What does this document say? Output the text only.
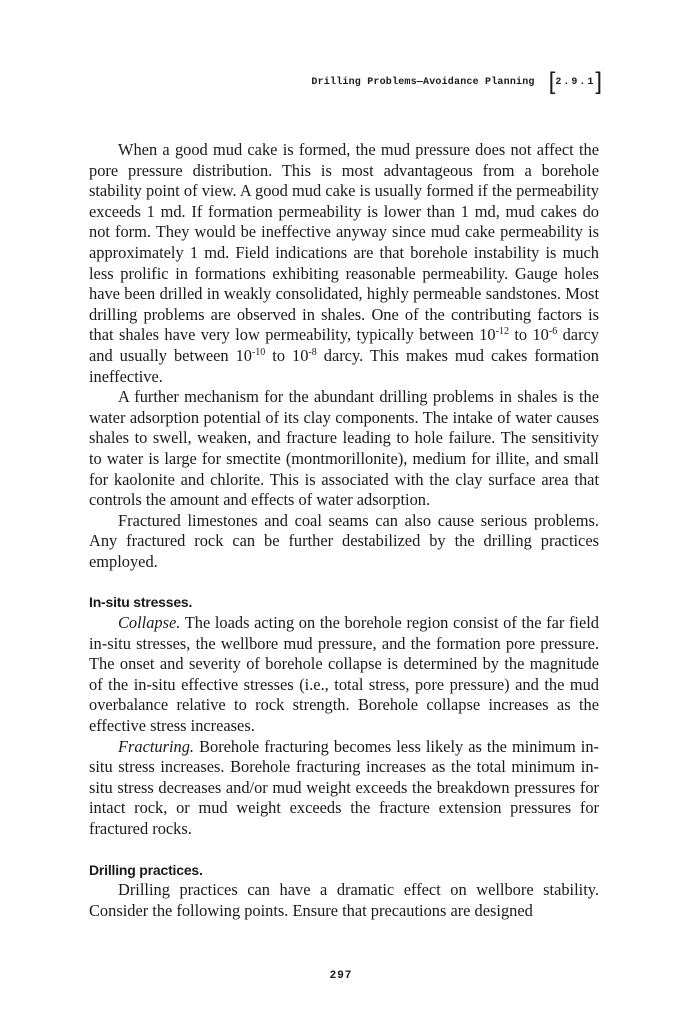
Drilling Problems—Avoidance Planning [ 2.9.1 ]

When a good mud cake is formed, the mud pressure does not affect the pore pressure distribution. This is most advantageous from a borehole stability point of view. A good mud cake is usually formed if the permeability exceeds 1 md. If formation permeability is lower than 1 md, mud cakes do not form. They would be ineffective anyway since mud cake permeability is approximately 1 md. Field indications are that borehole instability is much less prolific in formations exhibiting reasonable permeability. Gauge holes have been drilled in weakly consolidated, highly permeable sandstones. Most drilling problems are observed in shales. One of the contributing factors is that shales have very low permeability, typically between $10^{-12}$ to $10^{-6}$ darcy and usually between $10^{-10}$ to $10^{-8}$ darcy. This makes mud cakes formation ineffective.

A further mechanism for the abundant drilling problems in shales is the water adsorption potential of its clay components. The intake of water causes shales to swell, weaken, and fracture leading to hole failure. The sensitivity to water is large for smectite (montmorillonite), medium for illite, and small for kaolonite and chlorite. This is associated with the clay surface area that controls the amount and effects of water adsorption.

Fractured limestones and coal seams can also cause serious problems. Any fractured rock can be further destabilized by the drilling practices employed.

In-situ stresses.

Collapse. The loads acting on the borehole region consist of the far field in-situ stresses, the wellbore mud pressure, and the formation pore pressure. The onset and severity of borehole collapse is determined by the magnitude of the in-situ effective stresses (i.e., total stress, pore pressure) and the mud overbalance relative to rock strength. Borehole collapse increases as the effective stress increases.

Fracturing. Borehole fracturing becomes less likely as the minimum in-situ stress increases. Borehole fracturing increases as the total minimum in-situ stress decreases and/or mud weight exceeds the breakdown pressures for intact rock, or mud weight exceeds the fracture extension pressures for fractured rocks.

Drilling practices.

Drilling practices can have a dramatic effect on wellbore stability. Consider the following points. Ensure that precautions are designed

297
